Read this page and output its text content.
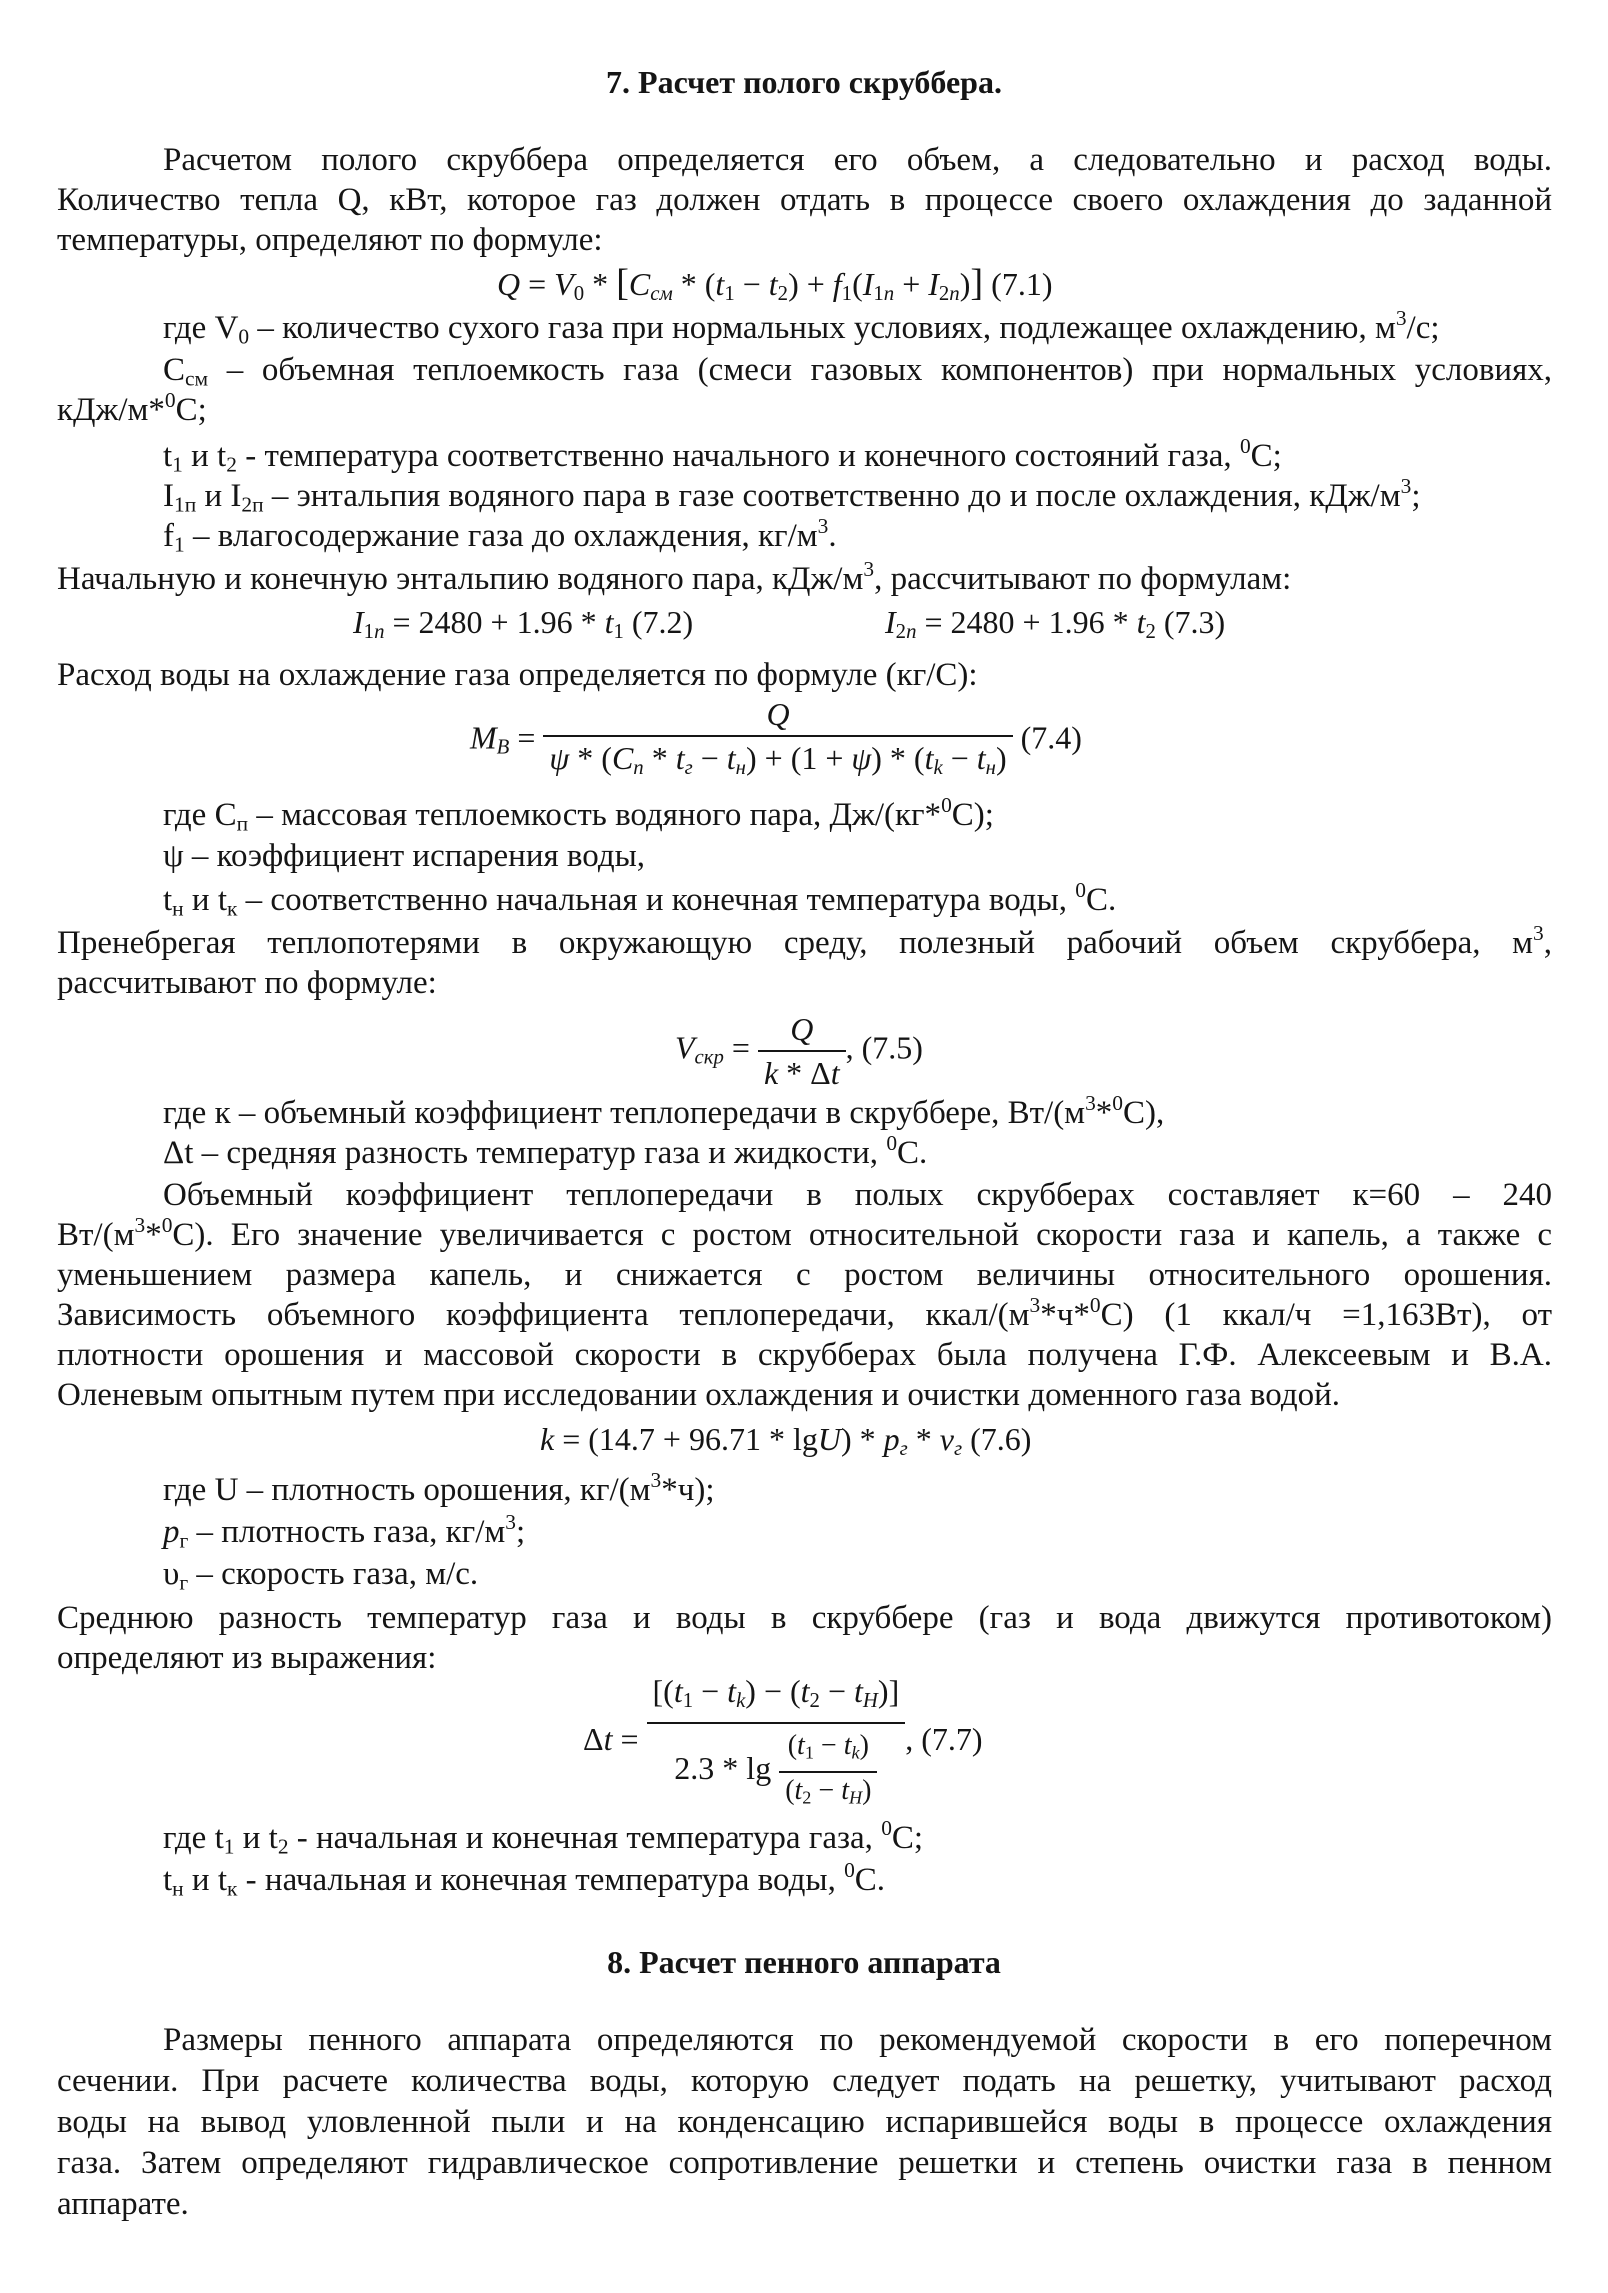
7. Расчет полого скруббера.
Расчетом полого скруббера определяется его объем, а следовательно и расход воды.
Количество тепла Q, кВт, которое газ должен отдать в процессе своего охлаждения до заданной
температуры, определяют по формуле:
$Q = V_0 * [C_{см} * (t_1 - t_2) + f_1(I_{1n} + I_{2n})]$ (7.1)
где $V_0$ – количество сухого газа при нормальных условиях, подлежащее охлаждению, $м^3/с$;
$C_{см}$ – объемная теплоемкость газа (смеси газовых компонентов) при нормальных условиях,
кДж/м*$^0$С;
$t_1$ и $t_2$ - температура соответственно начального и конечного состояний газа, $^0$С;
$I_{1п}$ и $I_{2п}$ – энтальпия водяного пара в газе соответственно до и после охлаждения, кДж/$м^3$;
$f_1$ – влагосодержание газа до охлаждения, $кг/м^3$.
Начальную и конечную энтальпию водяного пара, кДж/$м^3$, рассчитывают по формулам:
$I_{1n} = 2480 + 1.96 * t_1$ (7.2)	$I_{2n} = 2480 + 1.96 * t_2$ (7.3)
Расход воды на охлаждение газа определяется по формуле (кг/С):
$M_B = \frac{Q}{\psi * (C_п * t_г - t_н) + (1 + \psi) * (t_k - t_н)} (7.4)$
где $C_п$ – массовая теплоемкость водяного пара, Дж/(кг*$^0$С);
ψ – коэффициент испарения воды,
$t_н$ и $t_к$ – соответственно начальная и конечная температура воды, $^0$С.
Пренебрегая теплопотерями в окружающую среду, полезный рабочий объем скруббера, $м^3$,
рассчитывают по формуле:
$V_{скр} = \frac{Q}{k * \Delta t}$ , (7.5)
где к – объемный коэффициент теплопередачи в скруббере, $Вт/(м^3*^0С)$,
Δt – средняя разность температур газа и жидкости, $^0$С.
Объемный коэффициент теплопередачи в полых скрубберах составляет к=60 – 240
$Вт/(м^3*^0С)$. Его значение увеличивается с ростом относительной скорости газа и капель, а также с
уменьшением размера капель, и снижается с ростом величины относительного орошения.
Зависимость объемного коэффициента теплопередачи, ккал/$(м^3*ч*^0С)$ (1 ккал/ч =1,163Вт), от
плотности орошения и массовой скорости в скрубберах была получена Г.Ф. Алексеевым и В.А.
Оленевым опытным путем при исследовании охлаждения и очистки доменного газа водой.
$k = (14.7 + 96.71 * \lg U) * p_г * v_г$ (7.6)
где U – плотность орошения, $кг/(м^3*ч)$;
$p_г$ – плотность газа, $кг/м^3$;
$\upsilon_г$ – скорость газа, м/с.
Среднюю разность температур газа и воды в скруббере (газ и вода движутся противотоком)
определяют из выражения:
$\Delta t = \frac{[(t_1 - t_k) - (t_2 - t_H)]}{2.3 * \lg \frac{(t_1 - t_k)}{(t_2 - t_H)}}$ , (7.7)
где $t_1$ и $t_2$ - начальная и конечная температура газа, $^0$С;
$t_н$ и $t_к$ - начальная и конечная температура воды, $^0$С.
8. Расчет пенного аппарата
Размеры пенного аппарата определяются по рекомендуемой скорости в его поперечном
сечении. При расчете количества воды, которую следует подать на решетку, учитывают расход
воды на вывод уловленной пыли и на конденсацию испарившейся воды в процессе охлаждения
газа. Затем определяют гидравлическое сопротивление решетки и степень очистки газа в пенном
аппарате.
